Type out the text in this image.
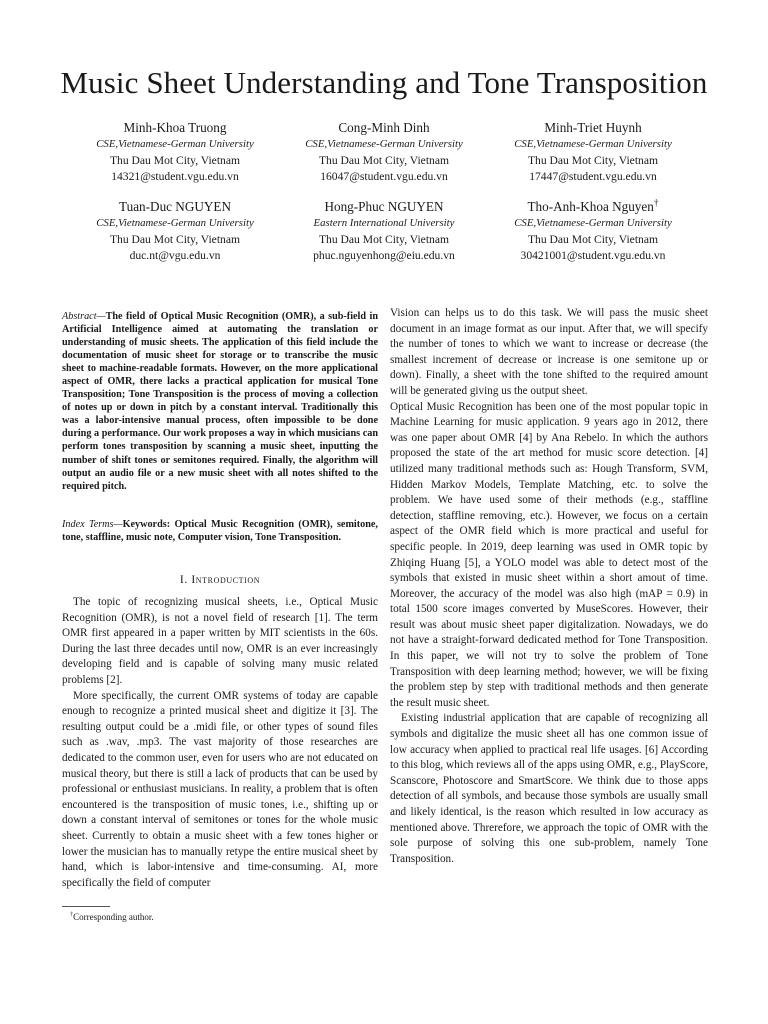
Music Sheet Understanding and Tone Transposition
Minh-Khoa Truong
CSE,Vietnamese-German University
Thu Dau Mot City, Vietnam
14321@student.vgu.edu.vn
Cong-Minh Dinh
CSE,Vietnamese-German University
Thu Dau Mot City, Vietnam
16047@student.vgu.edu.vn
Minh-Triet Huynh
CSE,Vietnamese-German University
Thu Dau Mot City, Vietnam
17447@student.vgu.edu.vn
Tuan-Duc NGUYEN
CSE,Vietnamese-German University
Thu Dau Mot City, Vietnam
duc.nt@vgu.edu.vn
Hong-Phuc NGUYEN
Eastern International University
Thu Dau Mot City, Vietnam
phuc.nguyenhong@eiu.edu.vn
Tho-Anh-Khoa Nguyen†
CSE,Vietnamese-German University
Thu Dau Mot City, Vietnam
30421001@student.vgu.edu.vn
Abstract—The field of Optical Music Recognition (OMR), a sub-field in Artificial Intelligence aimed at automating the translation or understanding of music sheets. The application of this field include the documentation of music sheet for storage or to transcribe the music sheet to machine-readable formats. However, on the more applicational aspect of OMR, there lacks a practical application for musical Tone Transposition; Tone Transposition is the process of moving a collection of notes up or down in pitch by a constant interval. Traditionally this was a labor-intensive manual process, often impossible to be done during a performance. Our work proposes a way in which musicians can perform tones transposition by scanning a music sheet, inputting the number of shift tones or semitones required. Finally, the algorithm will output an audio file or a new music sheet with all notes shifted to the required pitch.
Index Terms—Keywords: Optical Music Recognition (OMR), semitone, tone, staffline, music note, Computer vision, Tone Transposition.
I. Introduction

The topic of recognizing musical sheets, i.e., Optical Music Recognition (OMR), is not a novel field of research [1]. The term OMR first appeared in a paper written by MIT scientists in the 60s. During the last three decades until now, OMR is an ever increasingly developing field and is capable of solving many music related problems [2].

More specifically, the current OMR systems of today are capable enough to recognize a printed musical sheet and digitize it [3]. The resulting output could be a .midi file, or other types of sound files such as .wav, .mp3. The vast majority of those researches are dedicated to the common user, even for users who are not educated on musical theory, but there is still a lack of products that can be used by professional or enthusiast musicians. In reality, a problem that is often encountered is the transposition of music tones, i.e., shifting up or down a constant interval of semitones or tones for the whole music sheet. Currently to obtain a music sheet with a few tones higher or lower the musician has to manually retype the entire musical sheet by hand, which is labor-intensive and time-consuming. AI, more specifically the field of computer

†Corresponding author.

Vision can helps us to do this task. We will pass the music sheet document in an image format as our input. After that, we will specify the number of tones to which we want to increase or decrease (the smallest increment of decrease or increase is one semitone up or down). Finally, a sheet with the tone shifted to the required amount will be generated giving us the output sheet.

Optical Music Recognition has been one of the most popular topic in Machine Learning for music application. 9 years ago in 2012, there was one paper about OMR [4] by Ana Rebelo. In which the authors proposed the state of the art method for music score detection. [4] utilized many traditional methods such as: Hough Transform, SVM, Hidden Markov Models, Template Matching, etc. to solve the problem. We have used some of their methods (e.g., staffline detection, staffline removing, etc.). However, we focus on a certain aspect of the OMR field which is more practical and useful for specific people. In 2019, deep learning was used in OMR topic by Zhiqing Huang [5], a YOLO model was able to detect most of the symbols that existed in music sheet within a short amout of time. Moreover, the accuracy of the model was also high (mAP = 0.9) in total 1500 score images converted by MuseScores. However, their result was about music sheet paper digitalization. Nowadays, we do not have a straight-forward dedicated method for Tone Transposition. In this paper, we will not try to solve the problem of Tone Transposition with deep learning method; however, we will be fixing the problem step by step with traditional methods and then generate the result music sheet.

Existing industrial application that are capable of recognizing all symbols and digitalize the music sheet all has one common issue of low accuracy when applied to practical real life usages. [6] According to this blog, which reviews all of the apps using OMR, e.g., PlayScore, Scanscore, Photoscore and SmartScore. We think due to those apps detection of all symbols, and because those symbols are usually small and likely identical, is the reason which resulted in low accuracy as mentioned above. Threrefore, we approach the topic of OMR with the sole purpose of solving this one sub-problem, namely Tone Transposition.
